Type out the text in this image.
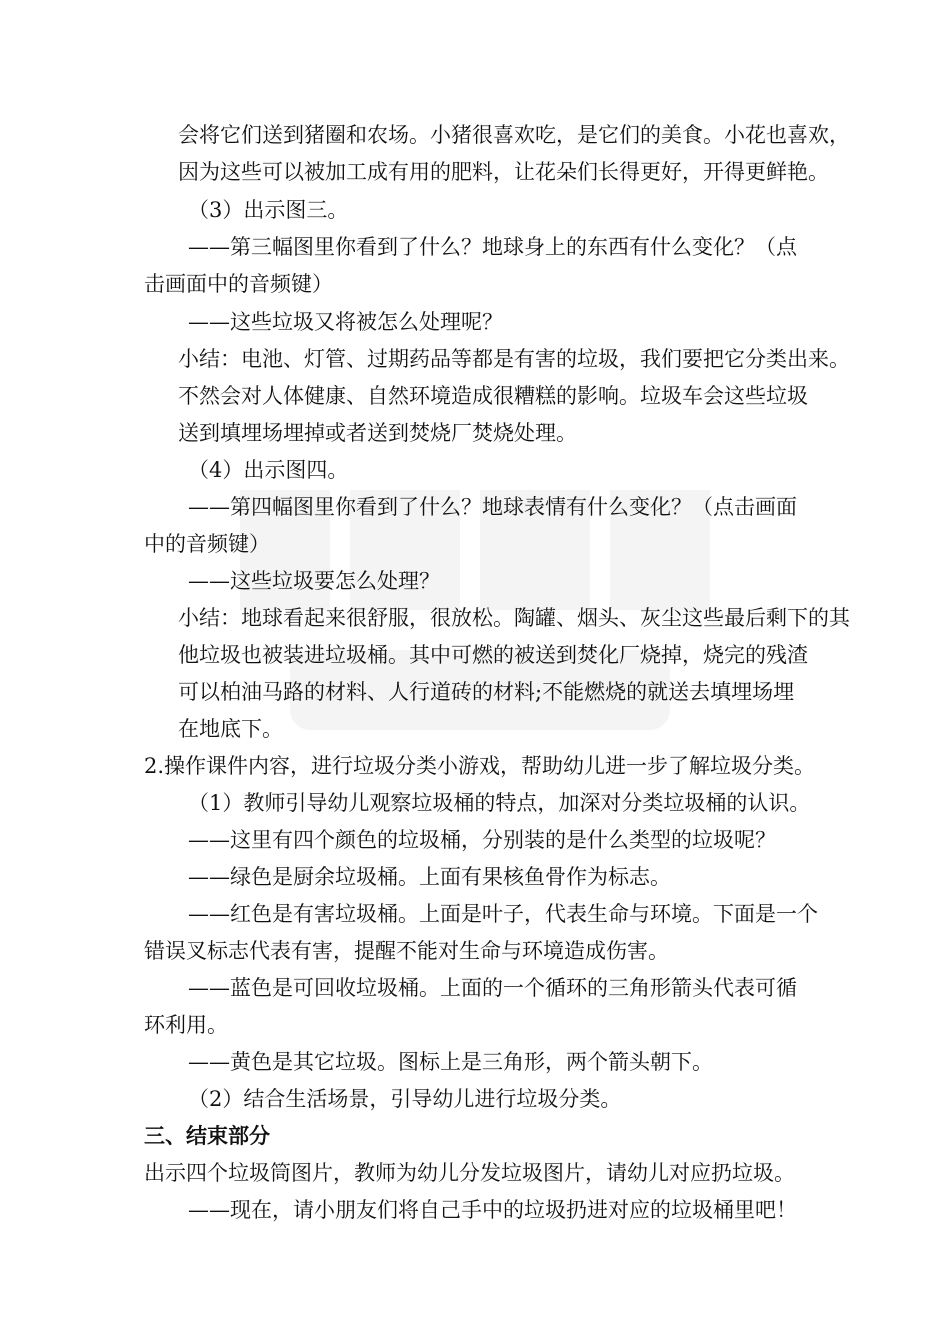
会将它们送到猪圈和农场。小猪很喜欢吃，是它们的美食。小花也喜欢，
因为这些可以被加工成有用的肥料，让花朵们长得更好，开得更鲜艳。
（3）出示图三。
——第三幅图里你看到了什么？地球身上的东西有什么变化？（点
击画面中的音频键）
——这些垃圾又将被怎么处理呢？
小结：电池、灯管、过期药品等都是有害的垃圾，我们要把它分类出来。
不然会对人体健康、自然环境造成很糟糕的影响。垃圾车会这些垃圾
送到填埋场埋掉或者送到焚烧厂焚烧处理。
（4）出示图四。
——第四幅图里你看到了什么？地球表情有什么变化？（点击画面
中的音频键）
——这些垃圾要怎么处理？
小结：地球看起来很舒服，很放松。陶罐、烟头、灰尘这些最后剩下的其
他垃圾也被装进垃圾桶。其中可燃的被送到焚化厂烧掉，烧完的残渣
可以柏油马路的材料、人行道砖的材料;不能燃烧的就送去填埋场埋
在地底下。
2.操作课件内容，进行垃圾分类小游戏，帮助幼儿进一步了解垃圾分类。
（1）教师引导幼儿观察垃圾桶的特点，加深对分类垃圾桶的认识。
——这里有四个颜色的垃圾桶，分别装的是什么类型的垃圾呢？
——绿色是厨余垃圾桶。上面有果核鱼骨作为标志。
——红色是有害垃圾桶。上面是叶子，代表生命与环境。下面是一个
错误叉标志代表有害，提醒不能对生命与环境造成伤害。
——蓝色是可回收垃圾桶。上面的一个循环的三角形箭头代表可循
环利用。
——黄色是其它垃圾。图标上是三角形，两个箭头朝下。
（2）结合生活场景，引导幼儿进行垃圾分类。
三、结束部分
出示四个垃圾筒图片，教师为幼儿分发垃圾图片，请幼儿对应扔垃圾。
——现在，请小朋友们将自己手中的垃圾扔进对应的垃圾桶里吧！
